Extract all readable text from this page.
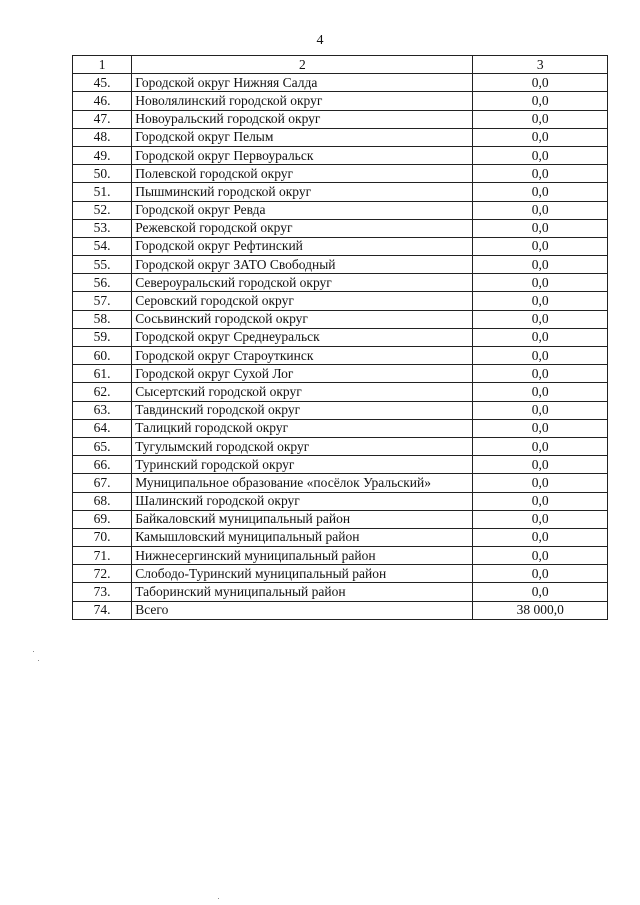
4
1	2	3
45.	Городской округ Нижняя Салда	0,0
46.	Новолялинский городской округ	0,0
47.	Новоуральский городской округ	0,0
48.	Городской округ Пелым	0,0
49.	Городской округ Первоуральск	0,0
50.	Полевской городской округ	0,0
51.	Пышминский городской округ	0,0
52.	Городской округ Ревда	0,0
53.	Режевской городской округ	0,0
54.	Городской округ Рефтинский	0,0
55.	Городской округ ЗАТО Свободный	0,0
56.	Североуральский городской округ	0,0
57.	Серовский городской округ	0,0
58.	Сосьвинский городской округ	0,0
59.	Городской округ Среднеуральск	0,0
60.	Городской округ Староуткинск	0,0
61.	Городской округ Сухой Лог	0,0
62.	Сысертский городской округ	0,0
63.	Тавдинский городской округ	0,0
64.	Талицкий городской округ	0,0
65.	Тугулымский городской округ	0,0
66.	Туринский городской округ	0,0
67.	Муниципальное образование «посёлок Уральский»	0,0
68.	Шалинский городской округ	0,0
69.	Байкаловский муниципальный район	0,0
70.	Камышловский муниципальный район	0,0
71.	Нижнесергинский муниципальный район	0,0
72.	Слободо-Туринский муниципальный район	0,0
73.	Таборинский муниципальный район	0,0
74.	Всего	38 000,0
